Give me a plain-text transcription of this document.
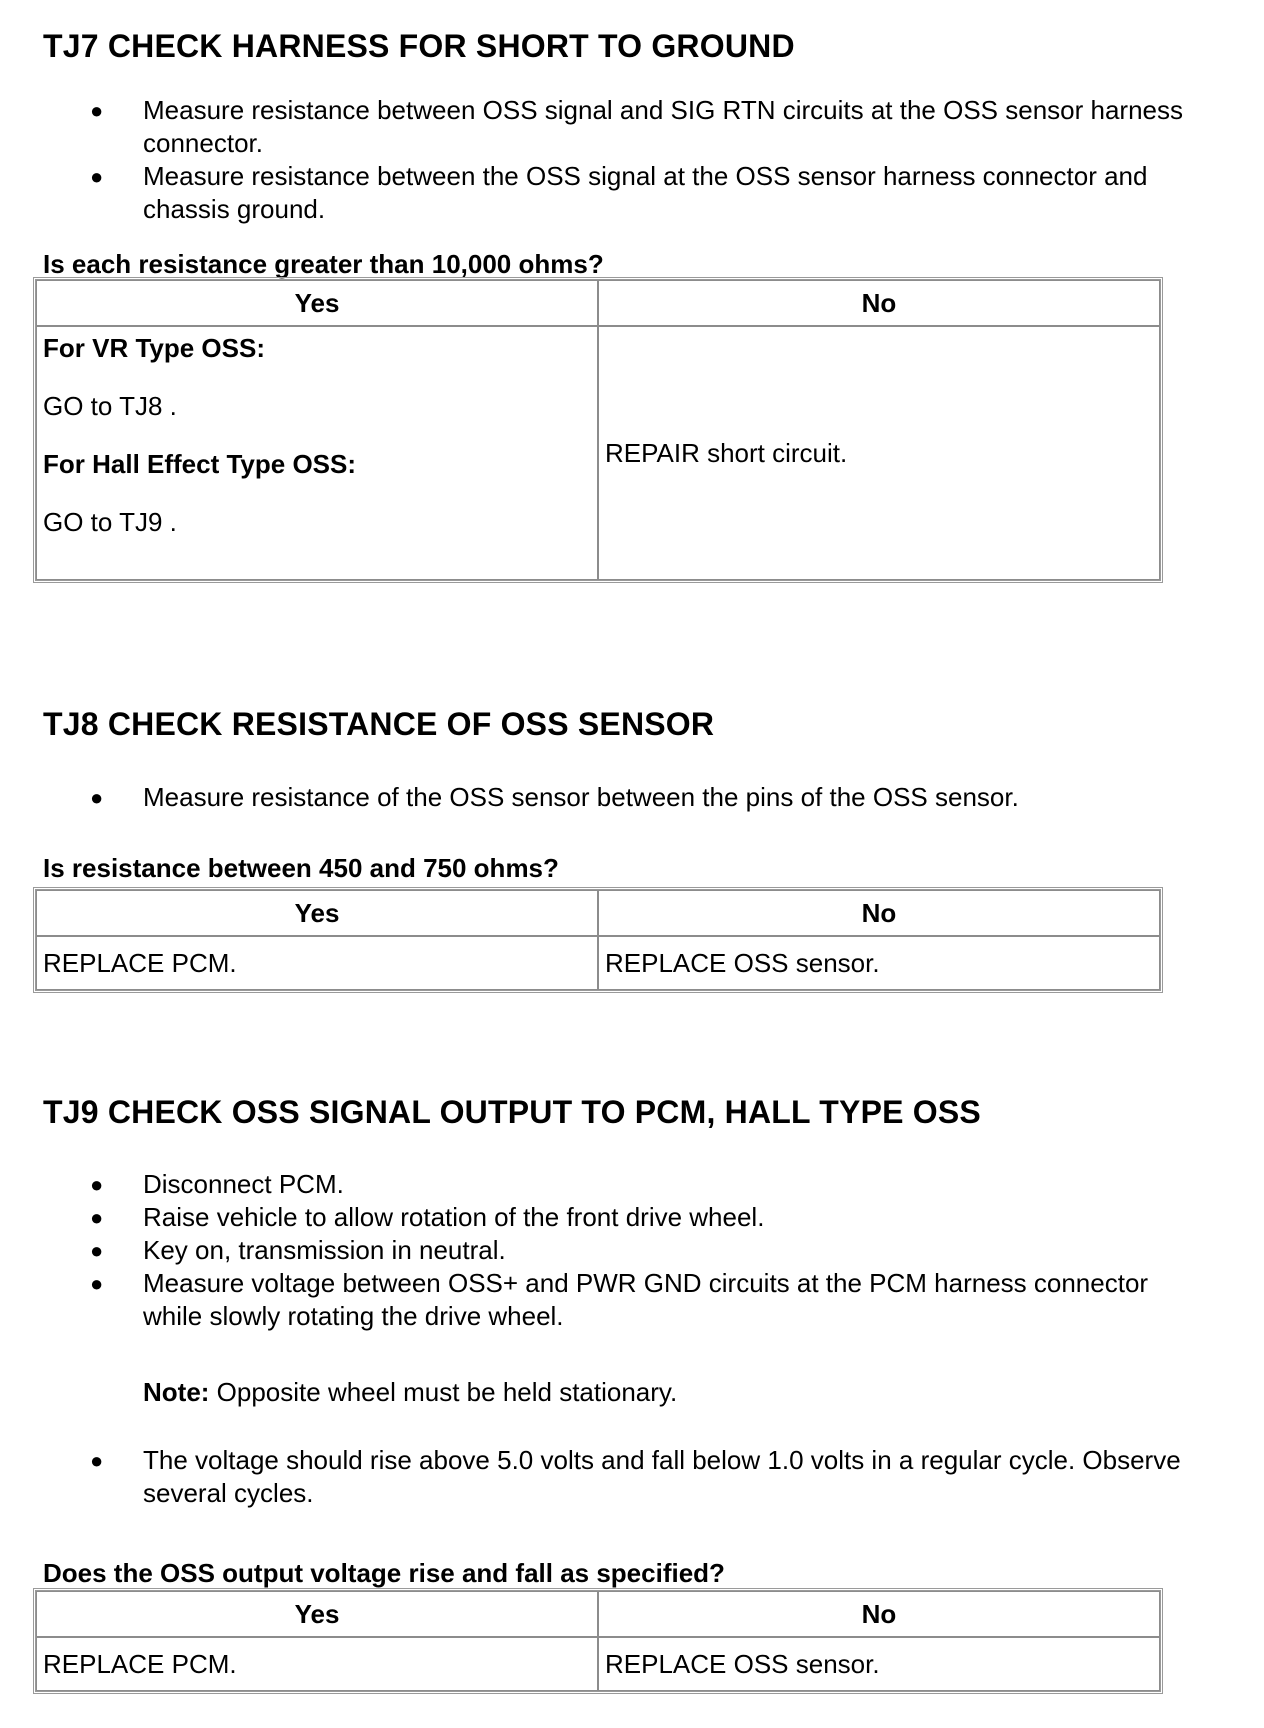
TJ7 CHECK HARNESS FOR SHORT TO GROUND
● Measure resistance between OSS signal and SIG RTN circuits at the OSS sensor harness connector.
● Measure resistance between the OSS signal at the OSS sensor harness connector and chassis ground.

Is each resistance greater than 10,000 ohms?

Yes	No

For VR Type OSS:
GO to TJ8 .
For Hall Effect Type OSS:
GO to TJ9 .	REPAIR short circuit.
TJ8 CHECK RESISTANCE OF OSS SENSOR
● Measure resistance of the OSS sensor between the pins of the OSS sensor.

Is resistance between 450 and 750 ohms?

Yes	No
REPLACE PCM.	REPLACE OSS sensor.
TJ9 CHECK OSS SIGNAL OUTPUT TO PCM, HALL TYPE OSS
● Disconnect PCM.
● Raise vehicle to allow rotation of the front drive wheel.
● Key on, transmission in neutral.
● Measure voltage between OSS+ and PWR GND circuits at the PCM harness connector while slowly rotating the drive wheel.
Note: Opposite wheel must be held stationary.
● The voltage should rise above 5.0 volts and fall below 1.0 volts in a regular cycle. Observe several cycles.

Does the OSS output voltage rise and fall as specified?

Yes	No
REPLACE PCM.	REPLACE OSS sensor.
